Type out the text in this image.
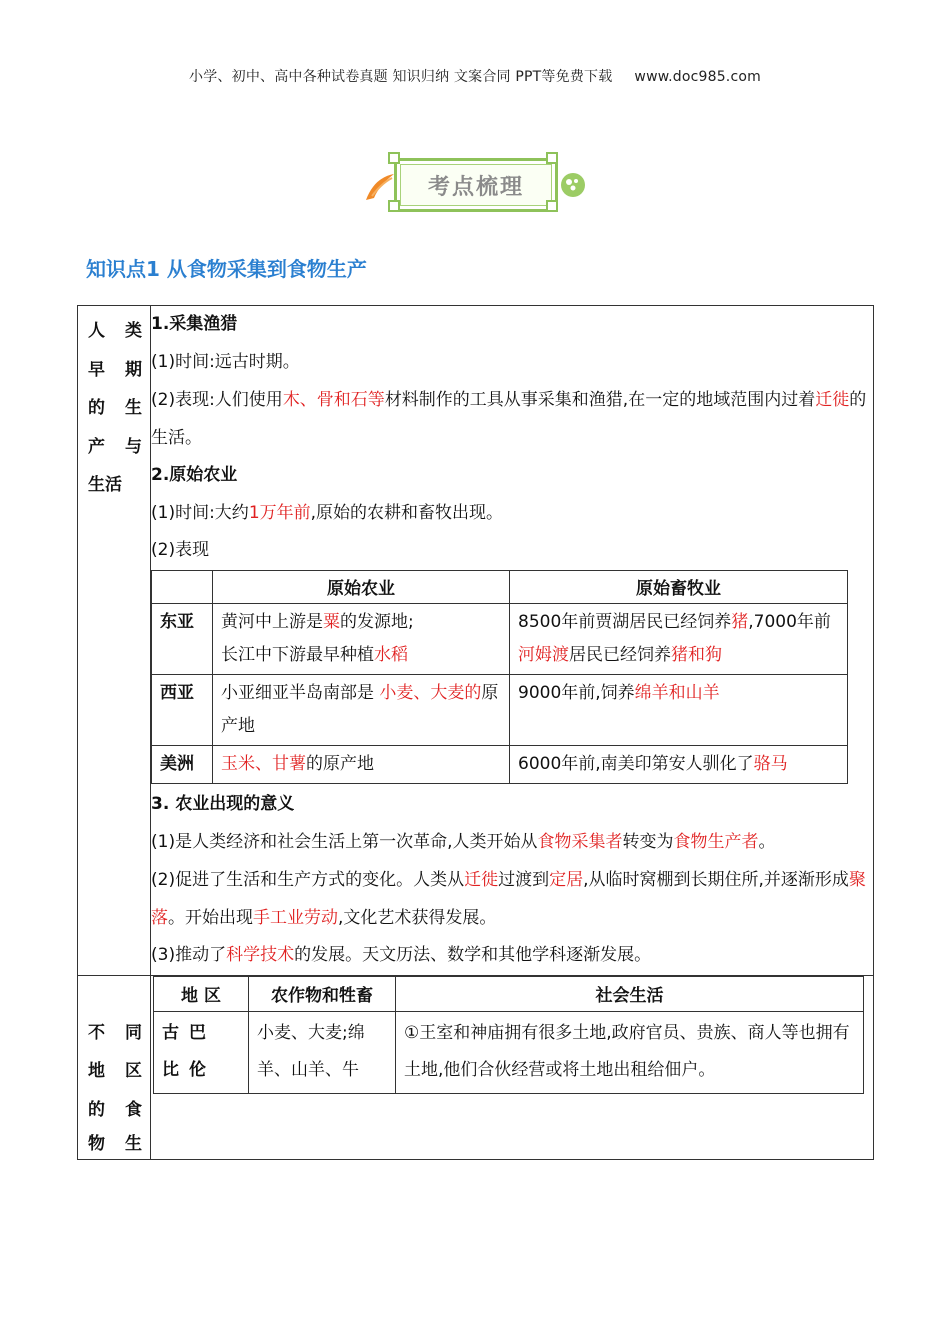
小学、初中、高中各种试卷真题 知识归纳 文案合同 PPT等免费下载 www.doc985.com
考点梳理
知识点1 从食物采集到食物生产
人 类
早 期
的 生
产 与
生活

1.采集渔猎

(1)时间:远古时期。

(2)表现:人们使用木、骨和石等材料制作的工具从事采集和渔猎,在一定的地域范围内过着迁徙的生活。

2.原始农业

(1)时间:大约1万年前,原始的农耕和畜牧出现。

(2)表现

	原始农业	原始畜牧业
东亚	黄河中上游是粟的发源地;
长江中下游最早种植水稻	8500年前贾湖居民已经饲养猪,7000年前河姆渡居民已经饲养猪和狗
西亚	小亚细亚半岛南部是 小麦、大麦的原产地	9000年前,饲养绵羊和山羊
美洲	玉米、甘薯的原产地	6000年前,南美印第安人驯化了骆马

3. 农业出现的意义

(1)是人类经济和社会生活上第一次革命,人类开始从食物采集者转变为食物生产者。

(2)促进了生活和生产方式的变化。人类从迁徙过渡到定居,从临时窝棚到长期住所,并逐渐形成聚落。开始出现手工业劳动,文化艺术获得发展。

(3)推动了科学技术的发展。天文历法、数学和其他学科逐渐发展。

不 同
地 区
的 食
物 生

地 区	农作物和牲畜	社会生活
古巴比伦	小麦、大麦;绵羊、山羊、牛	①王室和神庙拥有很多土地,政府官员、贵族、商人等也拥有土地,他们合伙经营或将土地出租给佃户。
